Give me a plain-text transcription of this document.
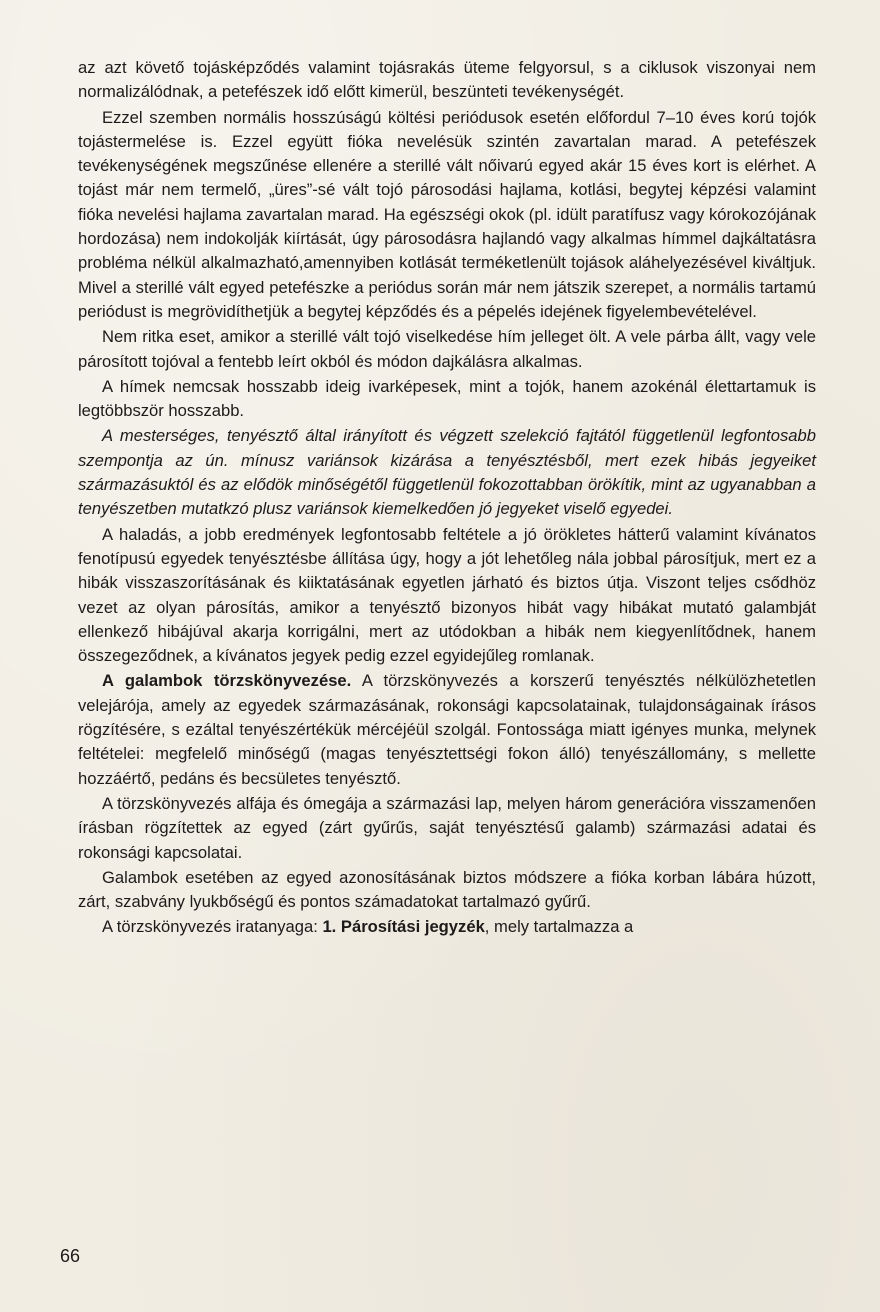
az azt követő tojásképződés valamint tojásrakás üteme felgyorsul, s a ciklusok viszonyai nem normalizálódnak, a petefészek idő előtt kimerül, beszünteti tevékenységét.

Ezzel szemben normális hosszúságú költési periódusok esetén előfordul 7–10 éves korú tojók tojástermelése is. Ezzel együtt fióka nevelésük szintén zavartalan marad. A petefészek tevékenységének megszűnése ellenére a sterillé vált nőivarú egyed akár 15 éves kort is elérhet. A tojást már nem termelő, „üres”-sé vált tojó párosodási hajlama, kotlási, begytej képzési valamint fióka nevelési hajlama zavartalan marad. Ha egészségi okok (pl. idült paratífusz vagy kórokozójának hordozása) nem indokolják kiírtását, úgy párosodásra hajlandó vagy alkalmas hímmel dajkáltatásra probléma nélkül alkalmazható,amennyiben kotlását terméketlenült tojások aláhelyezésével kiváltjuk. Mivel a sterillé vált egyed petefészke a periódus során már nem játszik szerepet, a normális tartamú periódust is megrövidíthetjük a begytej képződés és a pépelés idejének figyelembevételével.

Nem ritka eset, amikor a sterillé vált tojó viselkedése hím jelleget ölt. A vele párba állt, vagy vele párosított tojóval a fentebb leírt okból és módon dajkálásra alkalmas.

A hímek nemcsak hosszabb ideig ivarképesek, mint a tojók, hanem azokénál élettartamuk is legtöbbször hosszabb.

A mesterséges, tenyésztő által irányított és végzett szelekció fajtától függetlenül legfontosabb szempontja az ún. mínusz variánsok kizárása a tenyésztésből, mert ezek hibás jegyeiket származásuktól és az elődök minőségétől függetlenül fokozottabban örökítik, mint az ugyanabban a tenyészetben mutatkzó plusz variánsok kiemelkedően jó jegyeket viselő egyedei.

A haladás, a jobb eredmények legfontosabb feltétele a jó örökletes hátterű valamint kívánatos fenotípusú egyedek tenyésztésbe állítása úgy, hogy a jót lehetőleg nála jobbal párosítjuk, mert ez a hibák visszaszorításának és kiiktatásának egyetlen járható és biztos útja. Viszont teljes csődhöz vezet az olyan párosítás, amikor a tenyésztő bizonyos hibát vagy hibákat mutató galambját ellenkező hibájúval akarja korrigálni, mert az utódokban a hibák nem kiegyenlítődnek, hanem összegeződnek, a kívánatos jegyek pedig ezzel egyidejűleg romlanak.

A galambok törzskönyvezése. A törzskönyvezés a korszerű tenyésztés nélkülözhetetlen velejárója, amely az egyedek származásának, rokonsági kapcsolatainak, tulajdonságainak írásos rögzítésére, s ezáltal tenyészértékük mércéjéül szolgál. Fontossága miatt igényes munka, melynek feltételei: megfelelő minőségű (magas tenyésztettségi fokon álló) tenyészállomány, s mellette hozzáértő, pedáns és becsületes tenyésztő.

A törzskönyvezés alfája és ómegája a származási lap, melyen három generációra visszamenően írásban rögzítettek az egyed (zárt gyűrűs, saját tenyésztésű galamb) származási adatai és rokonsági kapcsolatai.

Galambok esetében az egyed azonosításának biztos módszere a fióka korban lábára húzott, zárt, szabvány lyukbőségű és pontos számadatokat tartalmazó gyűrű.

A törzskönyvezés iratanyaga: 1. Párosítási jegyzék, mely tartalmazza a

66
